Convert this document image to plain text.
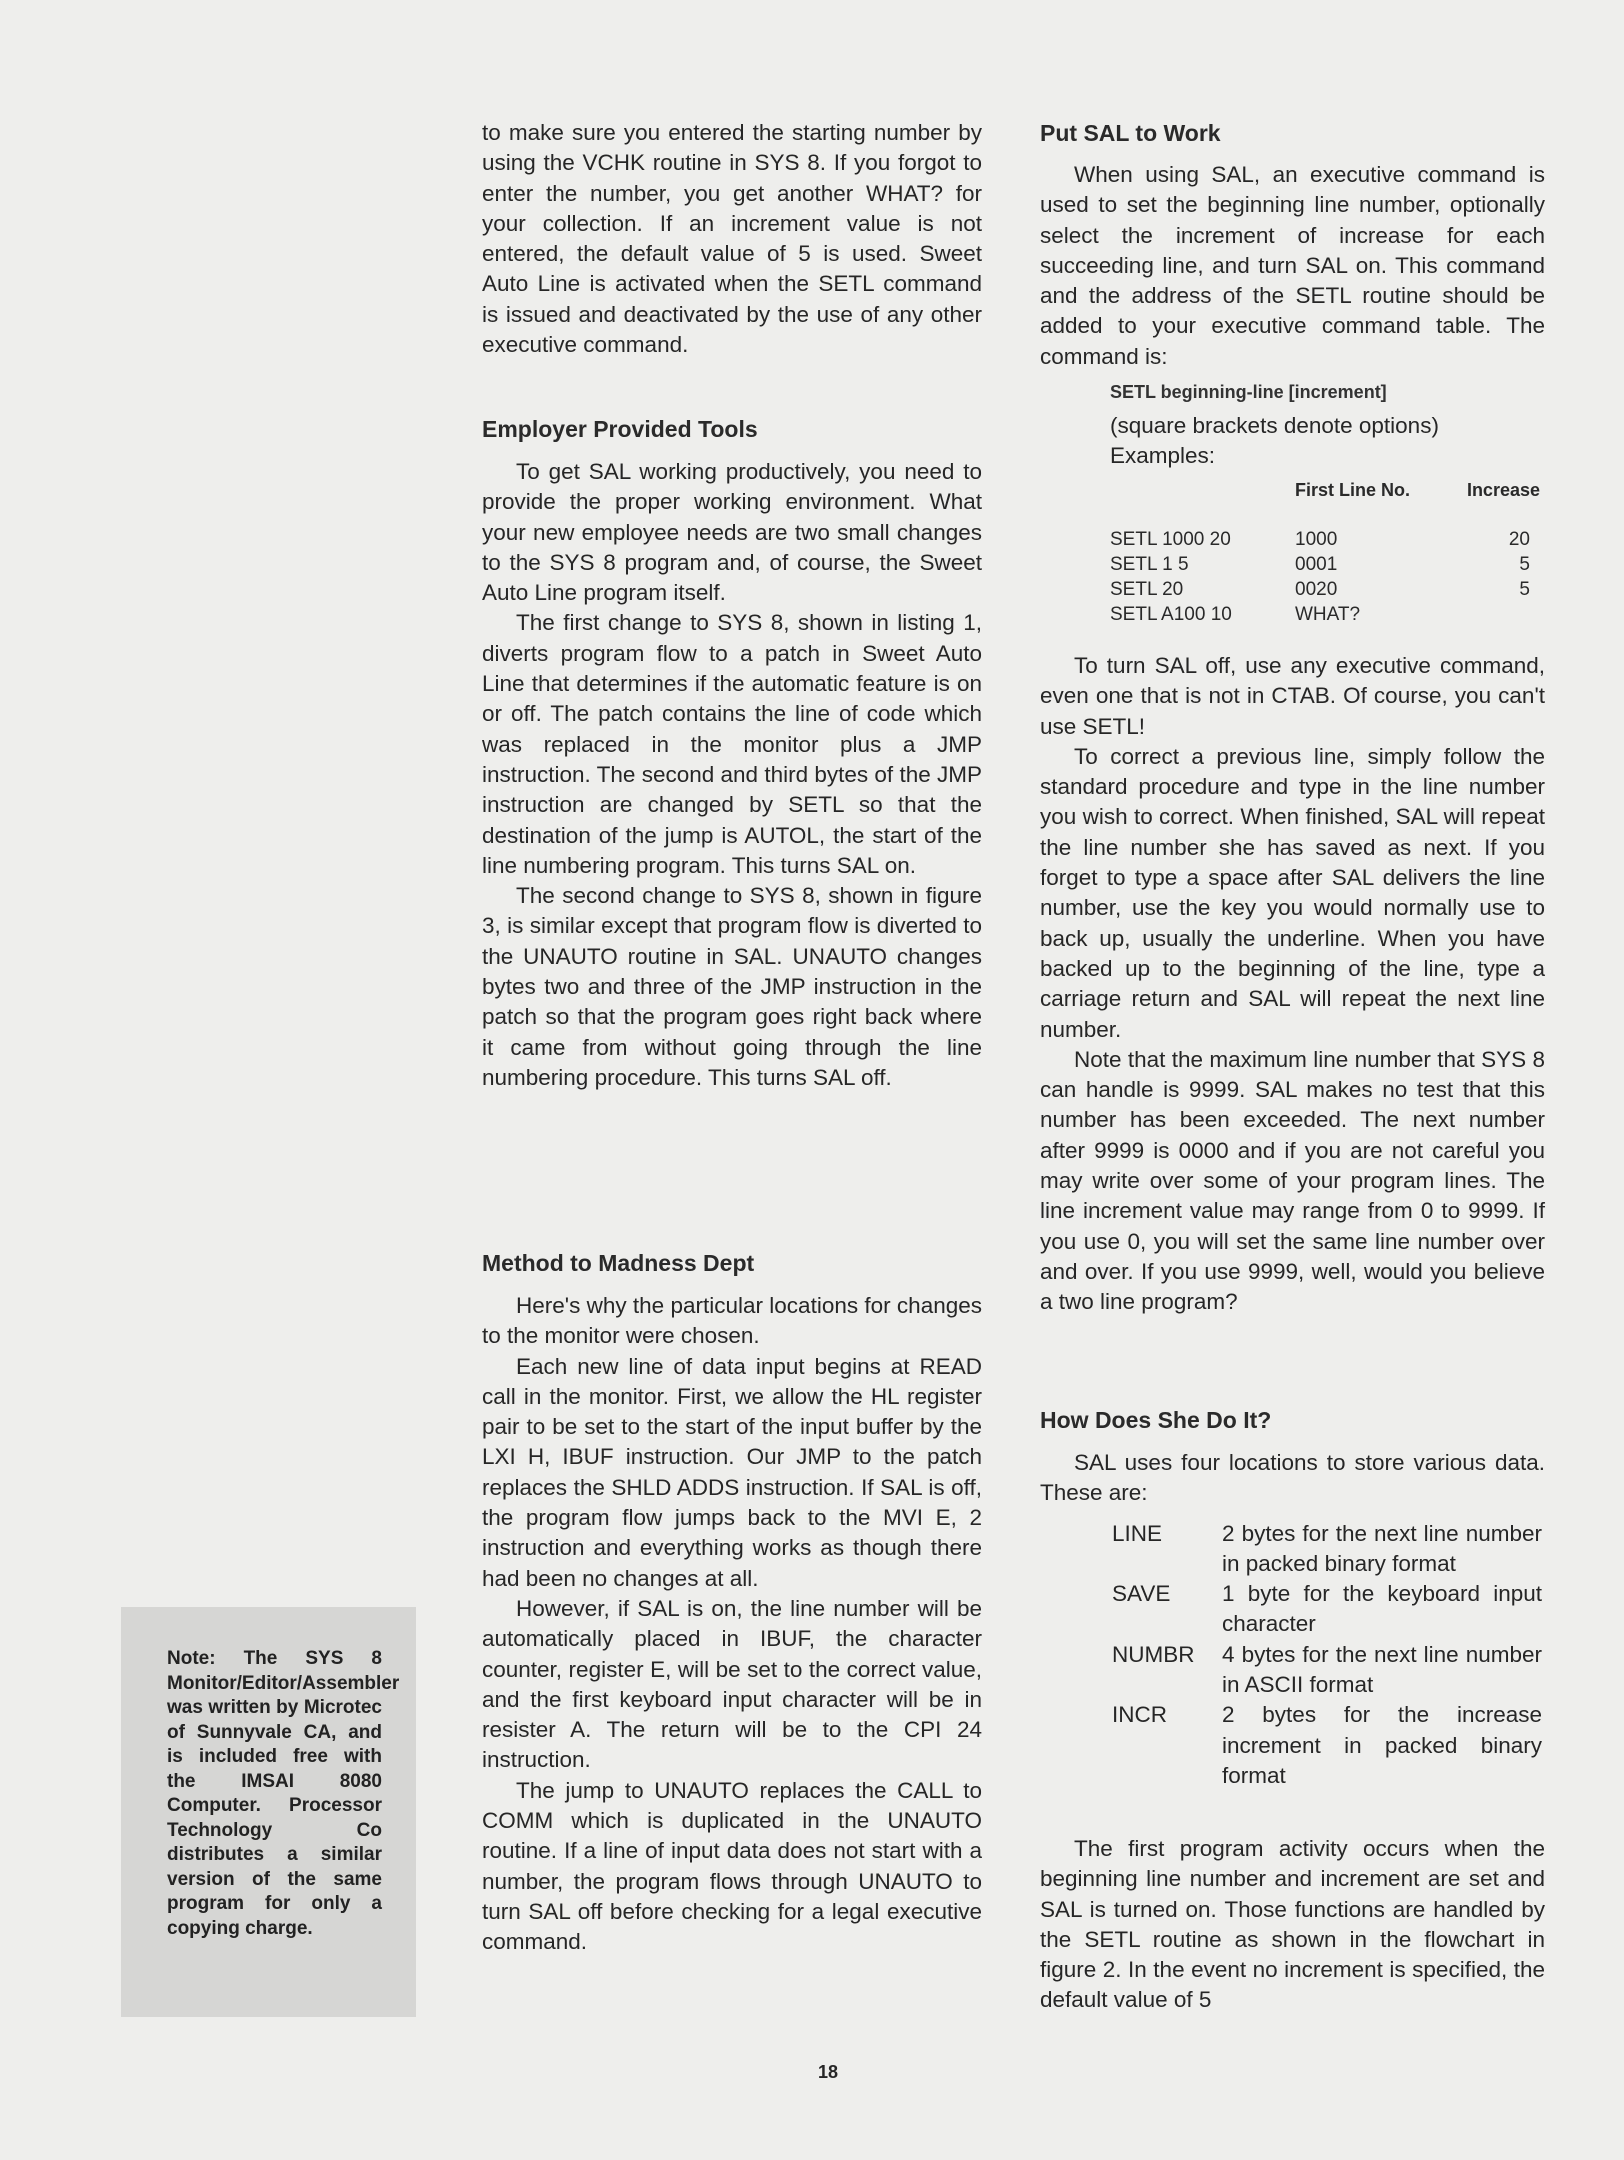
to make sure you entered the starting number by using the VCHK routine in SYS 8. If you forgot to enter the number, you get another WHAT? for your collection. If an increment value is not entered, the default value of 5 is used. Sweet Auto Line is activated when the SETL command is issued and deactivated by the use of any other executive command.

Employer Provided Tools

To get SAL working productively, you need to provide the proper working environment. What your new employee needs are two small changes to the SYS 8 program and, of course, the Sweet Auto Line program itself.

The first change to SYS 8, shown in listing 1, diverts program flow to a patch in Sweet Auto Line that determines if the automatic feature is on or off. The patch contains the line of code which was replaced in the monitor plus a JMP instruction. The second and third bytes of the JMP instruction are changed by SETL so that the destination of the jump is AUTOL, the start of the line numbering program. This turns SAL on.

The second change to SYS 8, shown in figure 3, is similar except that program flow is diverted to the UNAUTO routine in SAL. UNAUTO changes bytes two and three of the JMP instruction in the patch so that the program goes right back where it came from without going through the line numbering procedure. This turns SAL off.

Method to Madness Dept

Here's why the particular locations for changes to the monitor were chosen.

Each new line of data input begins at READ call in the monitor. First, we allow the HL register pair to be set to the start of the input buffer by the LXI H, IBUF instruction. Our JMP to the patch replaces the SHLD ADDS instruction. If SAL is off, the program flow jumps back to the MVI E, 2 instruction and everything works as though there had been no changes at all.

However, if SAL is on, the line number will be automatically placed in IBUF, the character counter, register E, will be set to the correct value, and the first keyboard input character will be in resister A. The return will be to the CPI 24 instruction.

The jump to UNAUTO replaces the CALL to COMM which is duplicated in the UNAUTO routine. If a line of input data does not start with a number, the program flows through UNAUTO to turn SAL off before checking for a legal executive command.

Put SAL to Work

When using SAL, an executive command is used to set the beginning line number, optionally select the increment of increase for each succeeding line, and turn SAL on. This command and the address of the SETL routine should be added to your executive command table. The command is:

SETL beginning-line [increment]
(square brackets denote options)
Examples:
	First Line No.	Increase

SETL 1000 20	1000	20
SETL 1 5	0001	5
SETL 20	0020	5
SETL A100 10	WHAT?	

To turn SAL off, use any executive command, even one that is not in CTAB. Of course, you can't use SETL!

To correct a previous line, simply follow the standard procedure and type in the line number you wish to correct. When finished, SAL will repeat the line number she has saved as next. If you forget to type a space after SAL delivers the line number, use the key you would normally use to back up, usually the underline. When you have backed up to the beginning of the line, type a carriage return and SAL will repeat the next line number.

Note that the maximum line number that SYS 8 can handle is 9999. SAL makes no test that this number has been exceeded. The next number after 9999 is 0000 and if you are not careful you may write over some of your program lines. The line increment value may range from 0 to 9999. If you use 0, you will set the same line number over and over. If you use 9999, well, would you believe a two line program?

How Does She Do It?

SAL uses four locations to store various data. These are:

LINE	2 bytes for the next line number in packed binary format
SAVE	1 byte for the keyboard input character
NUMBR	4 bytes for the next line number in ASCII format
INCR	2 bytes for the increase increment in packed binary format

The first program activity occurs when the beginning line number and increment are set and SAL is turned on. Those functions are handled by the SETL routine as shown in the flowchart in figure 2. In the event no increment is specified, the default value of 5

Note: The SYS 8 Monitor/Editor/Assembler was written by Microtec of Sunnyvale CA, and is included free with the IMSAI 8080 Computer. Processor Technology Co distributes a similar version of the same program for only a copying charge.
18
